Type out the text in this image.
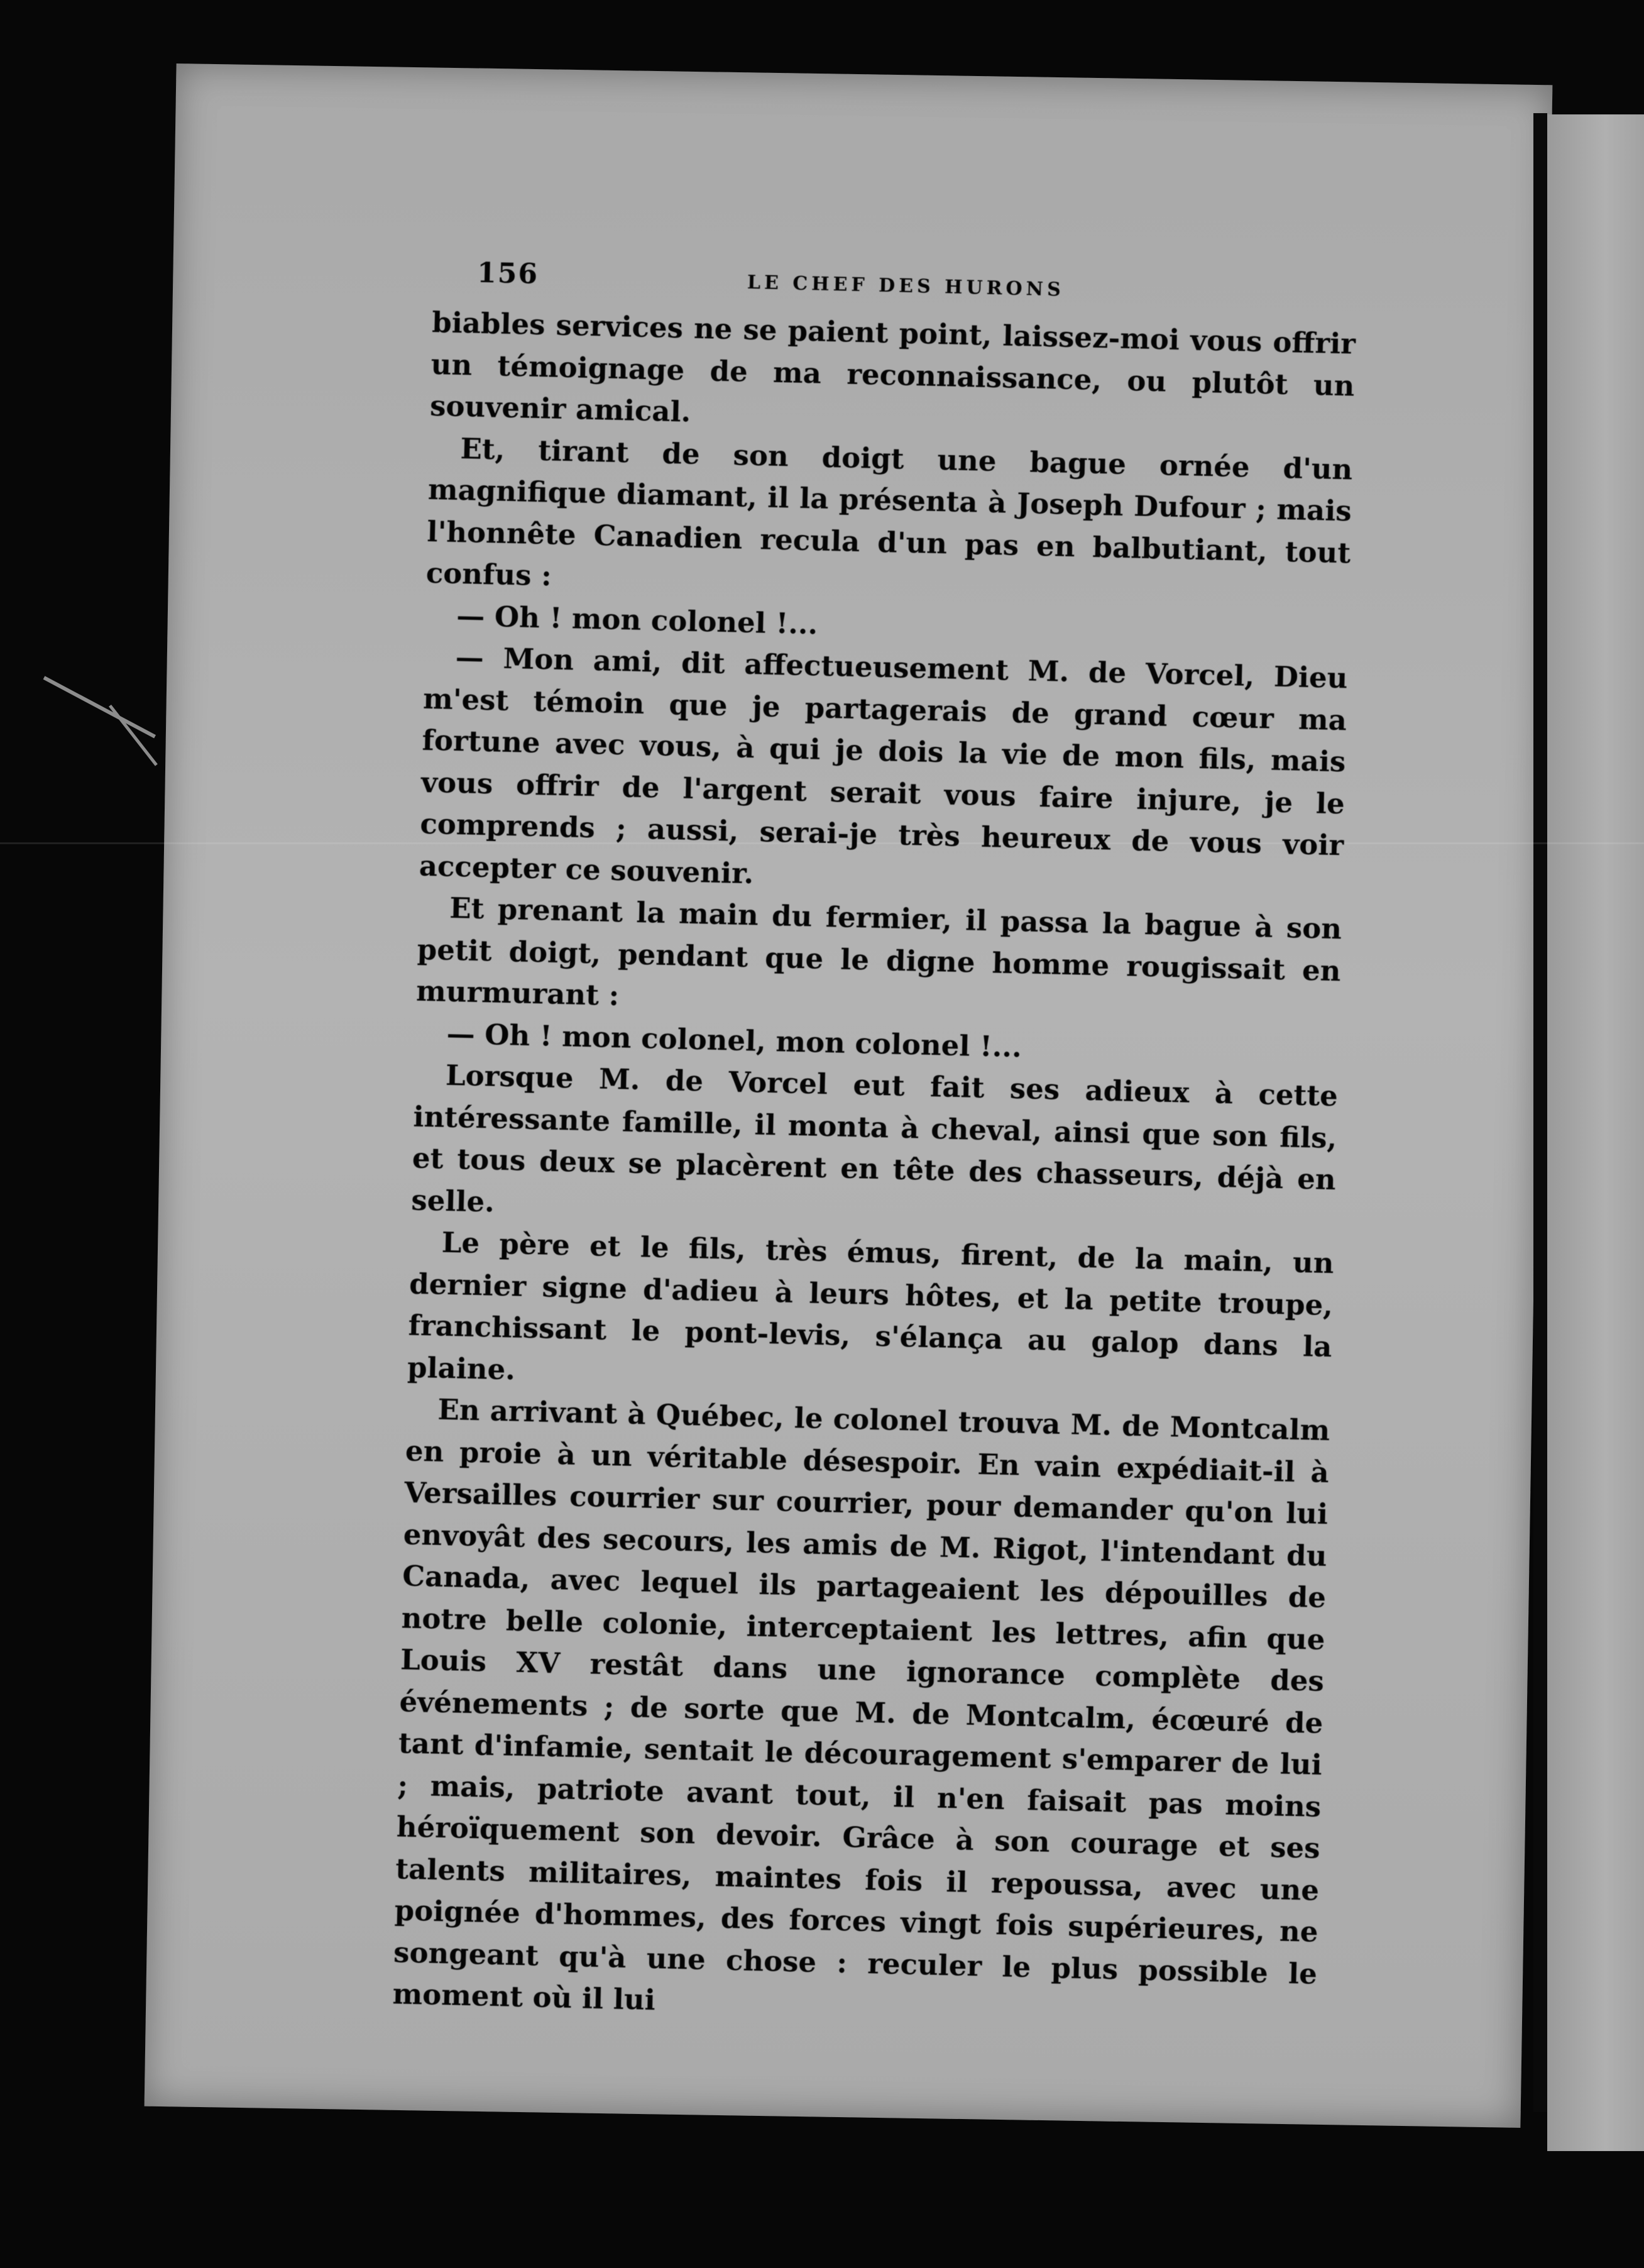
156	LE CHEF DES HURONS

biables services ne se paient point, laissez-moi vous offrir un témoignage de ma reconnaissance, ou plutôt un souvenir amical.

Et, tirant de son doigt une bague ornée d'un magnifique diamant, il la présenta à Joseph Dufour ; mais l'honnête Canadien recula d'un pas en balbutiant, tout confus :

— Oh ! mon colonel !...

— Mon ami, dit affectueusement M. de Vorcel, Dieu m'est témoin que je partagerais de grand cœur ma fortune avec vous, à qui je dois la vie de mon fils, mais vous offrir de l'argent serait vous faire injure, je le comprends ; aussi, serai-je très heureux de vous voir accepter ce souvenir.

Et prenant la main du fermier, il passa la bague à son petit doigt, pendant que le digne homme rougissait en murmurant :

— Oh ! mon colonel, mon colonel !...

Lorsque M. de Vorcel eut fait ses adieux à cette intéressante famille, il monta à cheval, ainsi que son fils, et tous deux se placèrent en tête des chasseurs, déjà en selle.

Le père et le fils, très émus, firent, de la main, un dernier signe d'adieu à leurs hôtes, et la petite troupe, franchissant le pont-levis, s'élança au galop dans la plaine.

En arrivant à Québec, le colonel trouva M. de Montcalm en proie à un véritable désespoir. En vain expédiait-il à Versailles courrier sur courrier, pour demander qu'on lui envoyât des secours, les amis de M. Rigot, l'intendant du Canada, avec lequel ils partageaient les dépouilles de notre belle colonie, interceptaient les lettres, afin que Louis XV restât dans une ignorance complète des événements ; de sorte que M. de Montcalm, écœuré de tant d'infamie, sentait le découragement s'emparer de lui ; mais, patriote avant tout, il n'en faisait pas moins héroïquement son devoir. Grâce à son courage et ses talents militaires, maintes fois il repoussa, avec une poignée d'hommes, des forces vingt fois supérieures, ne songeant qu'à une chose : reculer le plus possible le moment où il lui
